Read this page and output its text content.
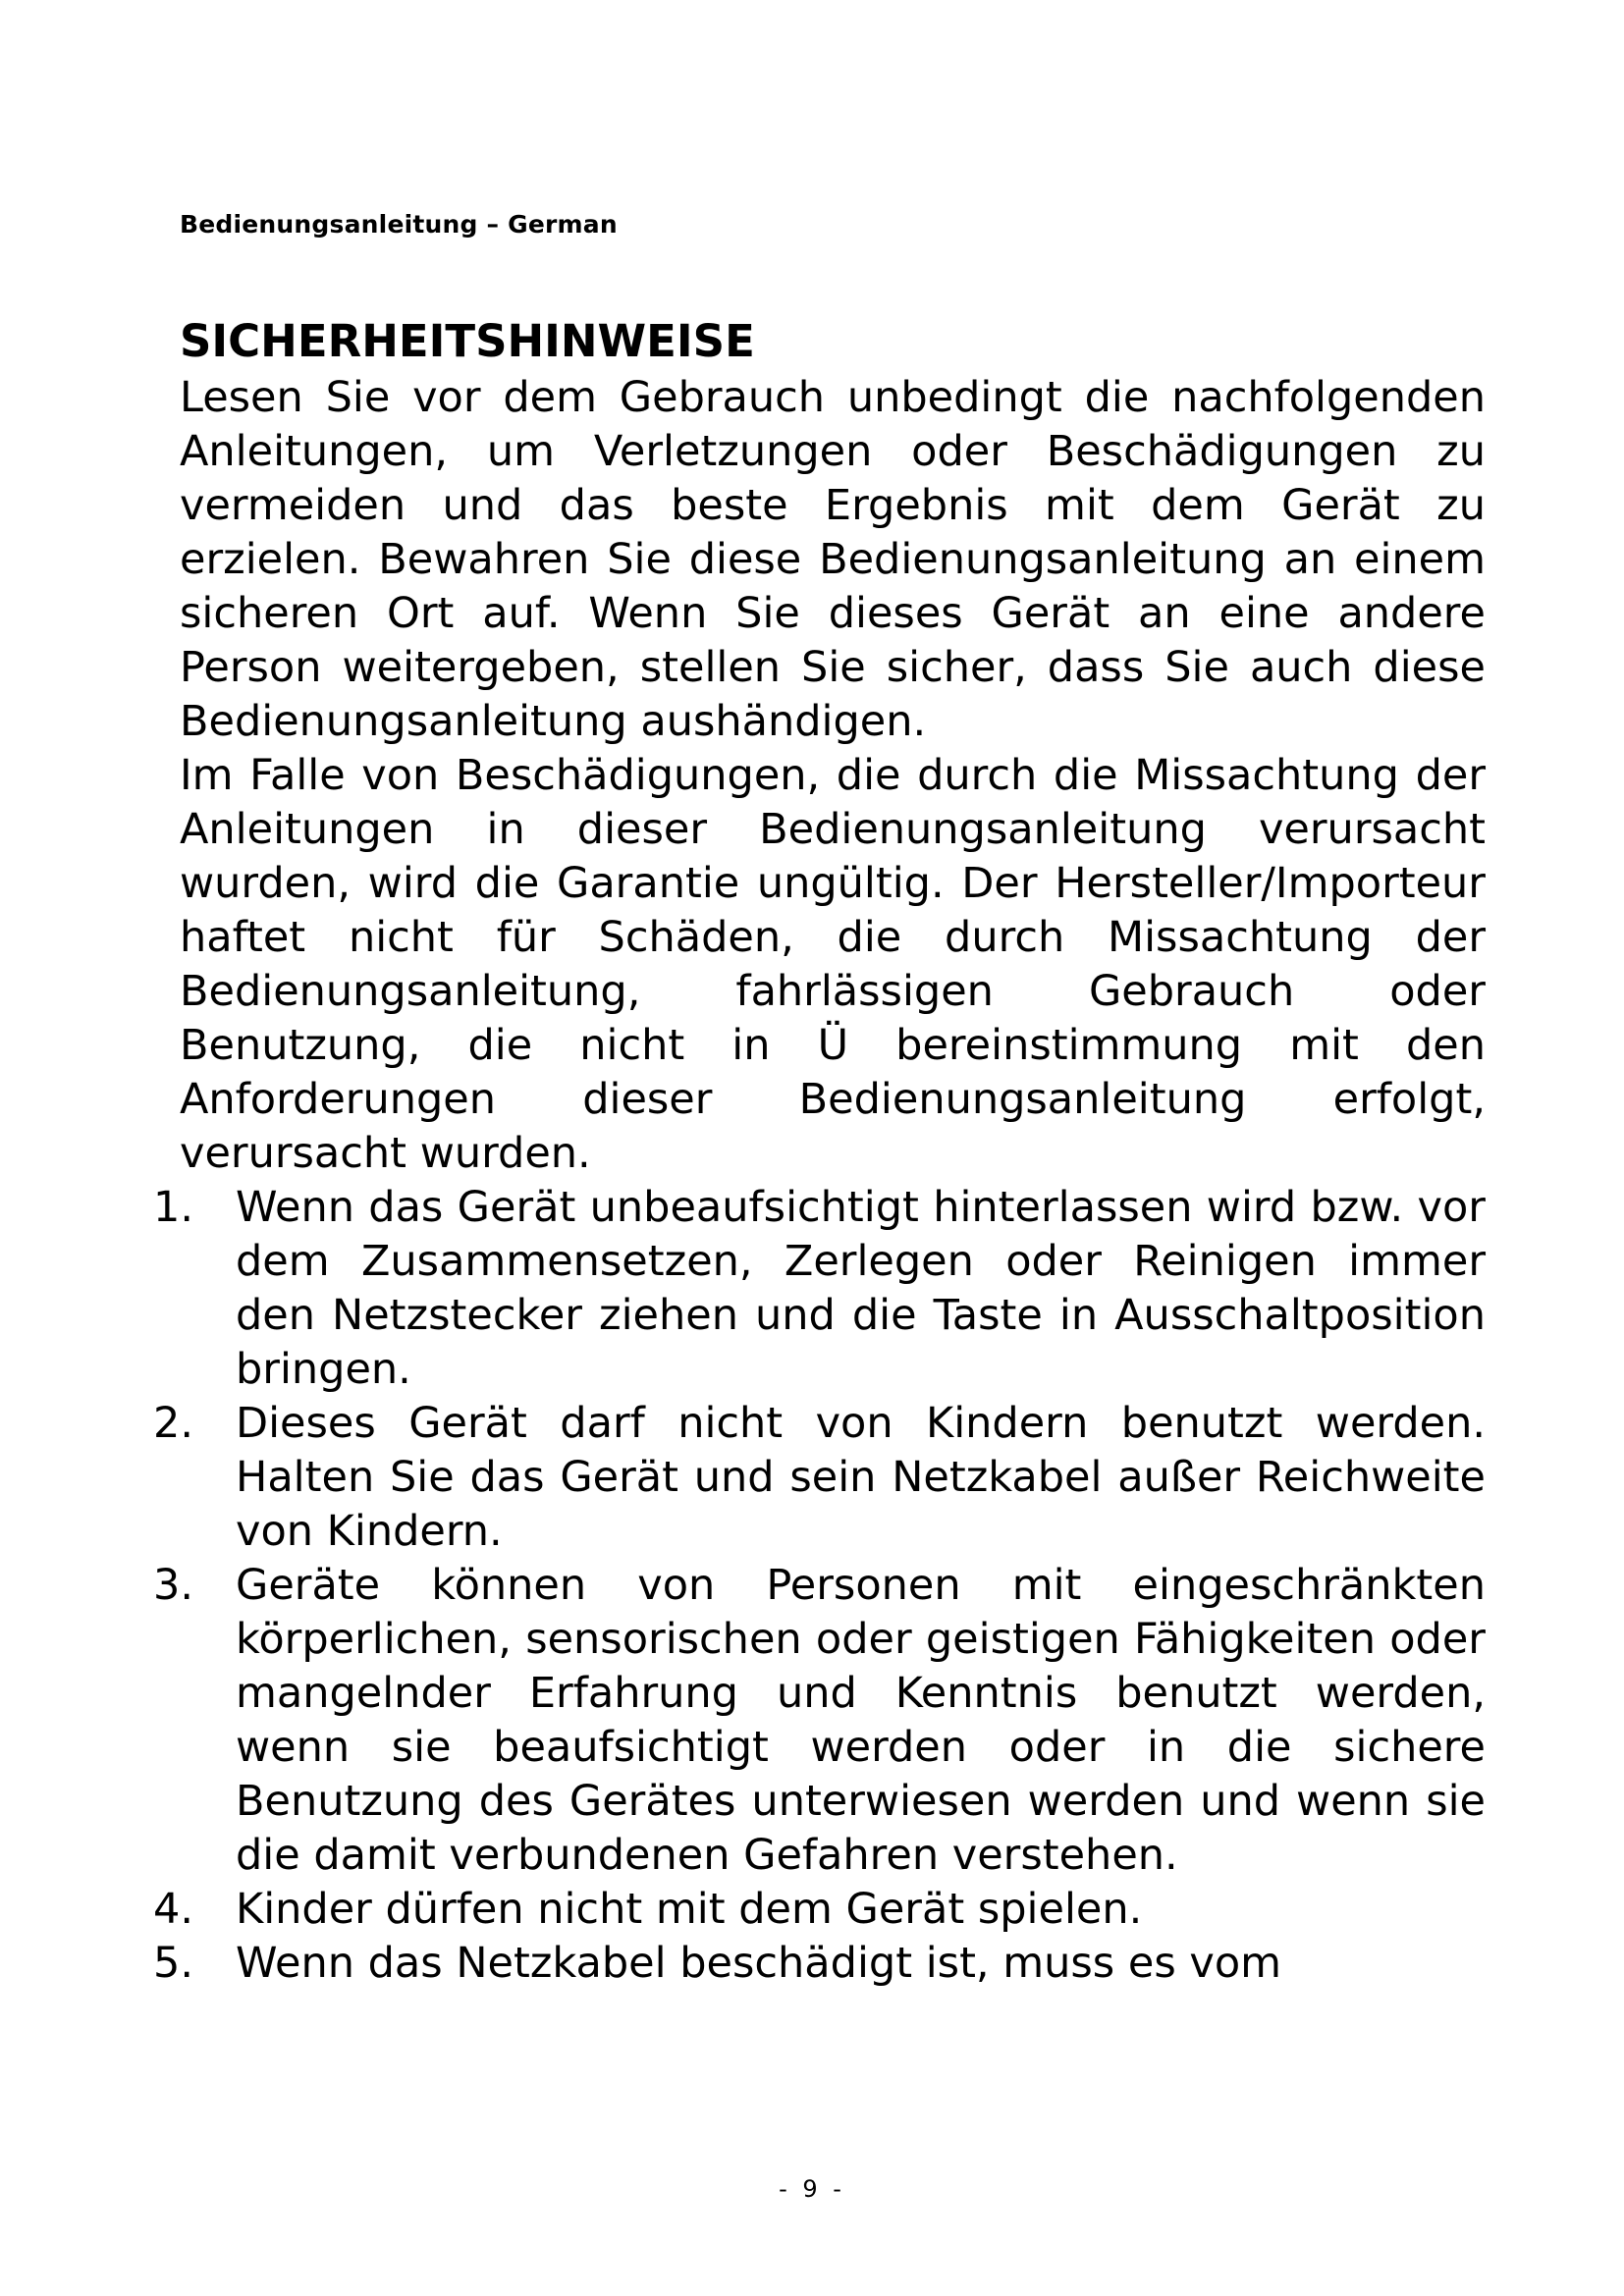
Bedienungsanleitung – German
SICHERHEITSHINWEISE

Lesen Sie vor dem Gebrauch unbedingt die nachfolgenden Anleitungen, um Verletzungen oder Beschädigungen zu vermeiden und das beste Ergebnis mit dem Gerät zu erzielen. Bewahren Sie diese Bedienungsanleitung an einem sicheren Ort auf. Wenn Sie dieses Gerät an eine andere Person weitergeben, stellen Sie sicher, dass Sie auch diese Bedienungsanleitung aushändigen.

Im Falle von Beschädigungen, die durch die Missachtung der Anleitungen in dieser Bedienungsanleitung verursacht wurden, wird die Garantie ungültig. Der Hersteller/Importeur haftet nicht für Schäden, die durch Missachtung der Bedienungsanleitung, fahrlässigen Gebrauch oder Benutzung, die nicht in Ü bereinstimmung mit den Anforderungen dieser Bedienungsanleitung erfolgt, verursacht wurden.

1. Wenn das Gerät unbeaufsichtigt hinterlassen wird bzw. vor dem Zusammensetzen, Zerlegen oder Reinigen immer den Netzstecker ziehen und die Taste in Ausschaltposition bringen.
2. Dieses Gerät darf nicht von Kindern benutzt werden. Halten Sie das Gerät und sein Netzkabel außer Reichweite von Kindern.
3. Geräte können von Personen mit eingeschränkten körperlichen, sensorischen oder geistigen Fähigkeiten oder mangelnder Erfahrung und Kenntnis benutzt werden, wenn sie beaufsichtigt werden oder in die sichere Benutzung des Gerätes unterwiesen werden und wenn sie die damit verbundenen Gefahren verstehen.
4. Kinder dürfen nicht mit dem Gerät spielen.
5. Wenn das Netzkabel beschädigt ist, muss es vom
- 9 -
